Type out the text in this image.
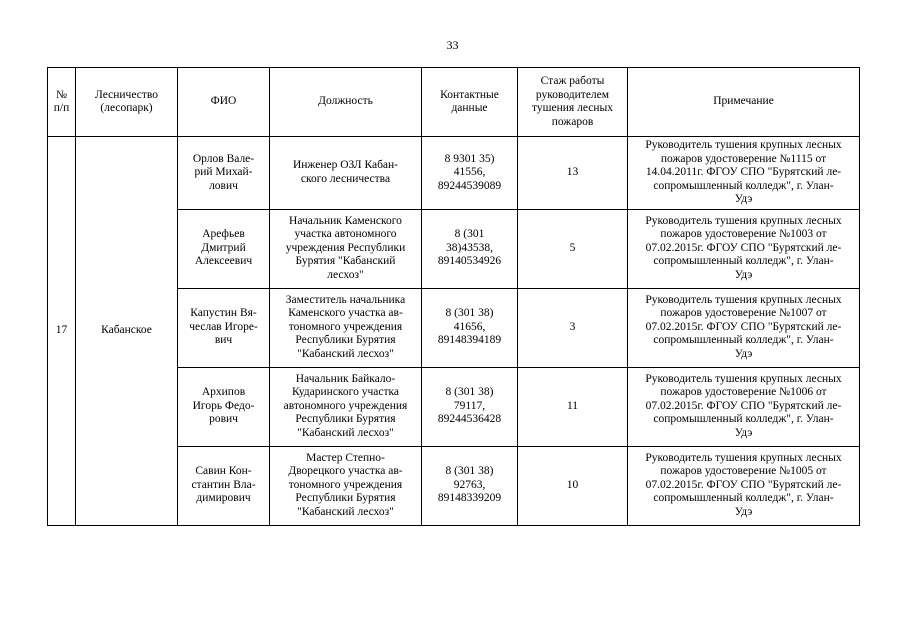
33
№
п/п	Лесничество
(лесопарк)	ФИО	Должность	Контактные
данные	Стаж работы
руководителем
тушения лесных
пожаров	Примечание
17	Кабанское	Орлов Вале-
рий Михай-
лович	Инженер ОЗЛ Кабан-
ского лесничества	8 9301 35)
41556,
89244539089	13	Руководитель тушения крупных лесных
пожаров удостоверение №1115 от
14.04.2011г. ФГОУ СПО "Бурятский ле-
сопромышленный колледж", г. Улан-
Удэ
		Арефьев
Дмитрий
Алексеевич	Начальник Каменского
участка автономного
учреждения Республики
Бурятия "Кабанский
лесхоз"	8 (301
38)43538,
89140534926	5	Руководитель тушения крупных лесных
пожаров удостоверение №1003 от
07.02.2015г. ФГОУ СПО "Бурятский ле-
сопромышленный колледж", г. Улан-
Удэ
		Капустин Вя-
чеслав Игоре-
вич	Заместитель начальника
Каменского участка ав-
тономного учреждения
Республики Бурятия
"Кабанский лесхоз"	8 (301 38)
41656,
89148394189	3	Руководитель тушения крупных лесных
пожаров удостоверение №1007 от
07.02.2015г. ФГОУ СПО "Бурятский ле-
сопромышленный колледж", г. Улан-
Удэ
		Архипов
Игорь Федо-
рович	Начальник Байкало-
Кударинского участка
автономного учреждения
Республики Бурятия
"Кабанский лесхоз"	8 (301 38)
79117,
89244536428	11	Руководитель тушения крупных лесных
пожаров удостоверение №1006 от
07.02.2015г. ФГОУ СПО "Бурятский ле-
сопромышленный колледж", г. Улан-
Удэ
		Савин Кон-
стантин Вла-
димирович	Мастер Степно-
Дворецкого участка ав-
тономного учреждения
Республики Бурятия
"Кабанский лесхоз"	8 (301 38)
92763,
89148339209	10	Руководитель тушения крупных лесных
пожаров удостоверение №1005 от
07.02.2015г. ФГОУ СПО "Бурятский ле-
сопромышленный колледж", г. Улан-
Удэ
